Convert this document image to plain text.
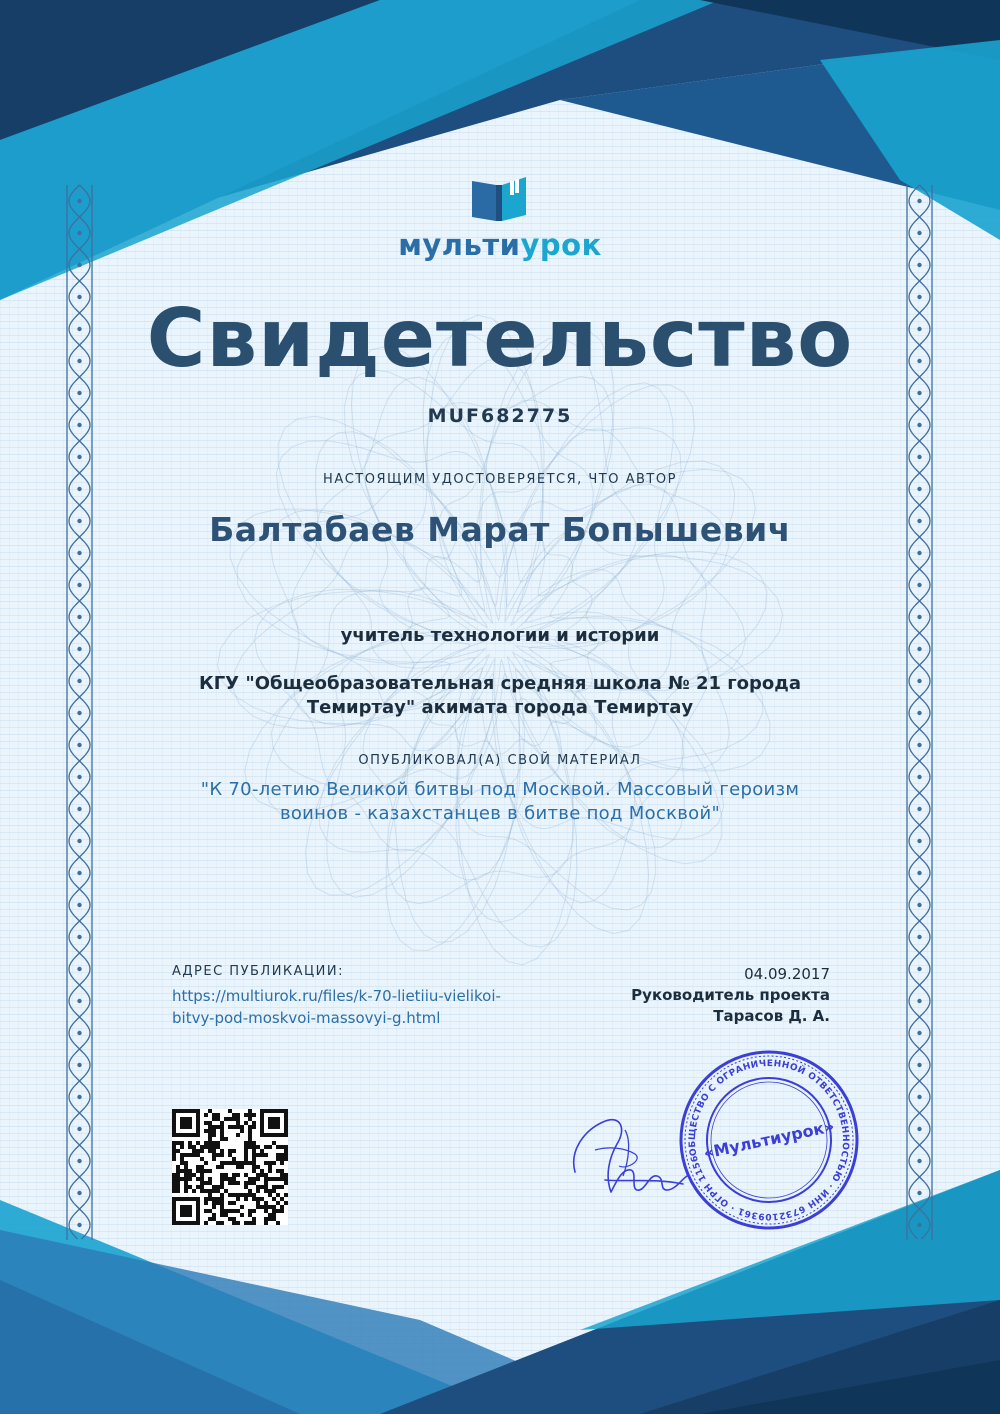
мультиурок
Свидетельство
MUF682775
НАСТОЯЩИМ УДОСТОВЕРЯЕТСЯ, ЧТО АВТОР
Балтабаев Марат Бопышевич
учитель технологии и истории
КГУ "Общеобразовательная средняя школа № 21 города
Темиртау" акимата города Темиртау
ОПУБЛИКОВАЛ(А) СВОЙ МАТЕРИАЛ
"К 70-летию Великой битвы под Москвой. Массовый героизм
воинов - казахстанцев в битве под Москвой"
АДРЕС ПУБЛИКАЦИИ:
https://multiurok.ru/files/k-70-lietiiu-vielikoi-
bitvy-pod-moskvoi-massovyi-g.html
04.09.2017
Руководитель проекта
Тарасов Д. А.
ОБЩЕСТВО С ОГРАНИЧЕННОЙ ОТВЕТСТВЕННОСТЬЮ · ИНН 6732109361 · ОГРН 1156733012732
«Мультиурок»
